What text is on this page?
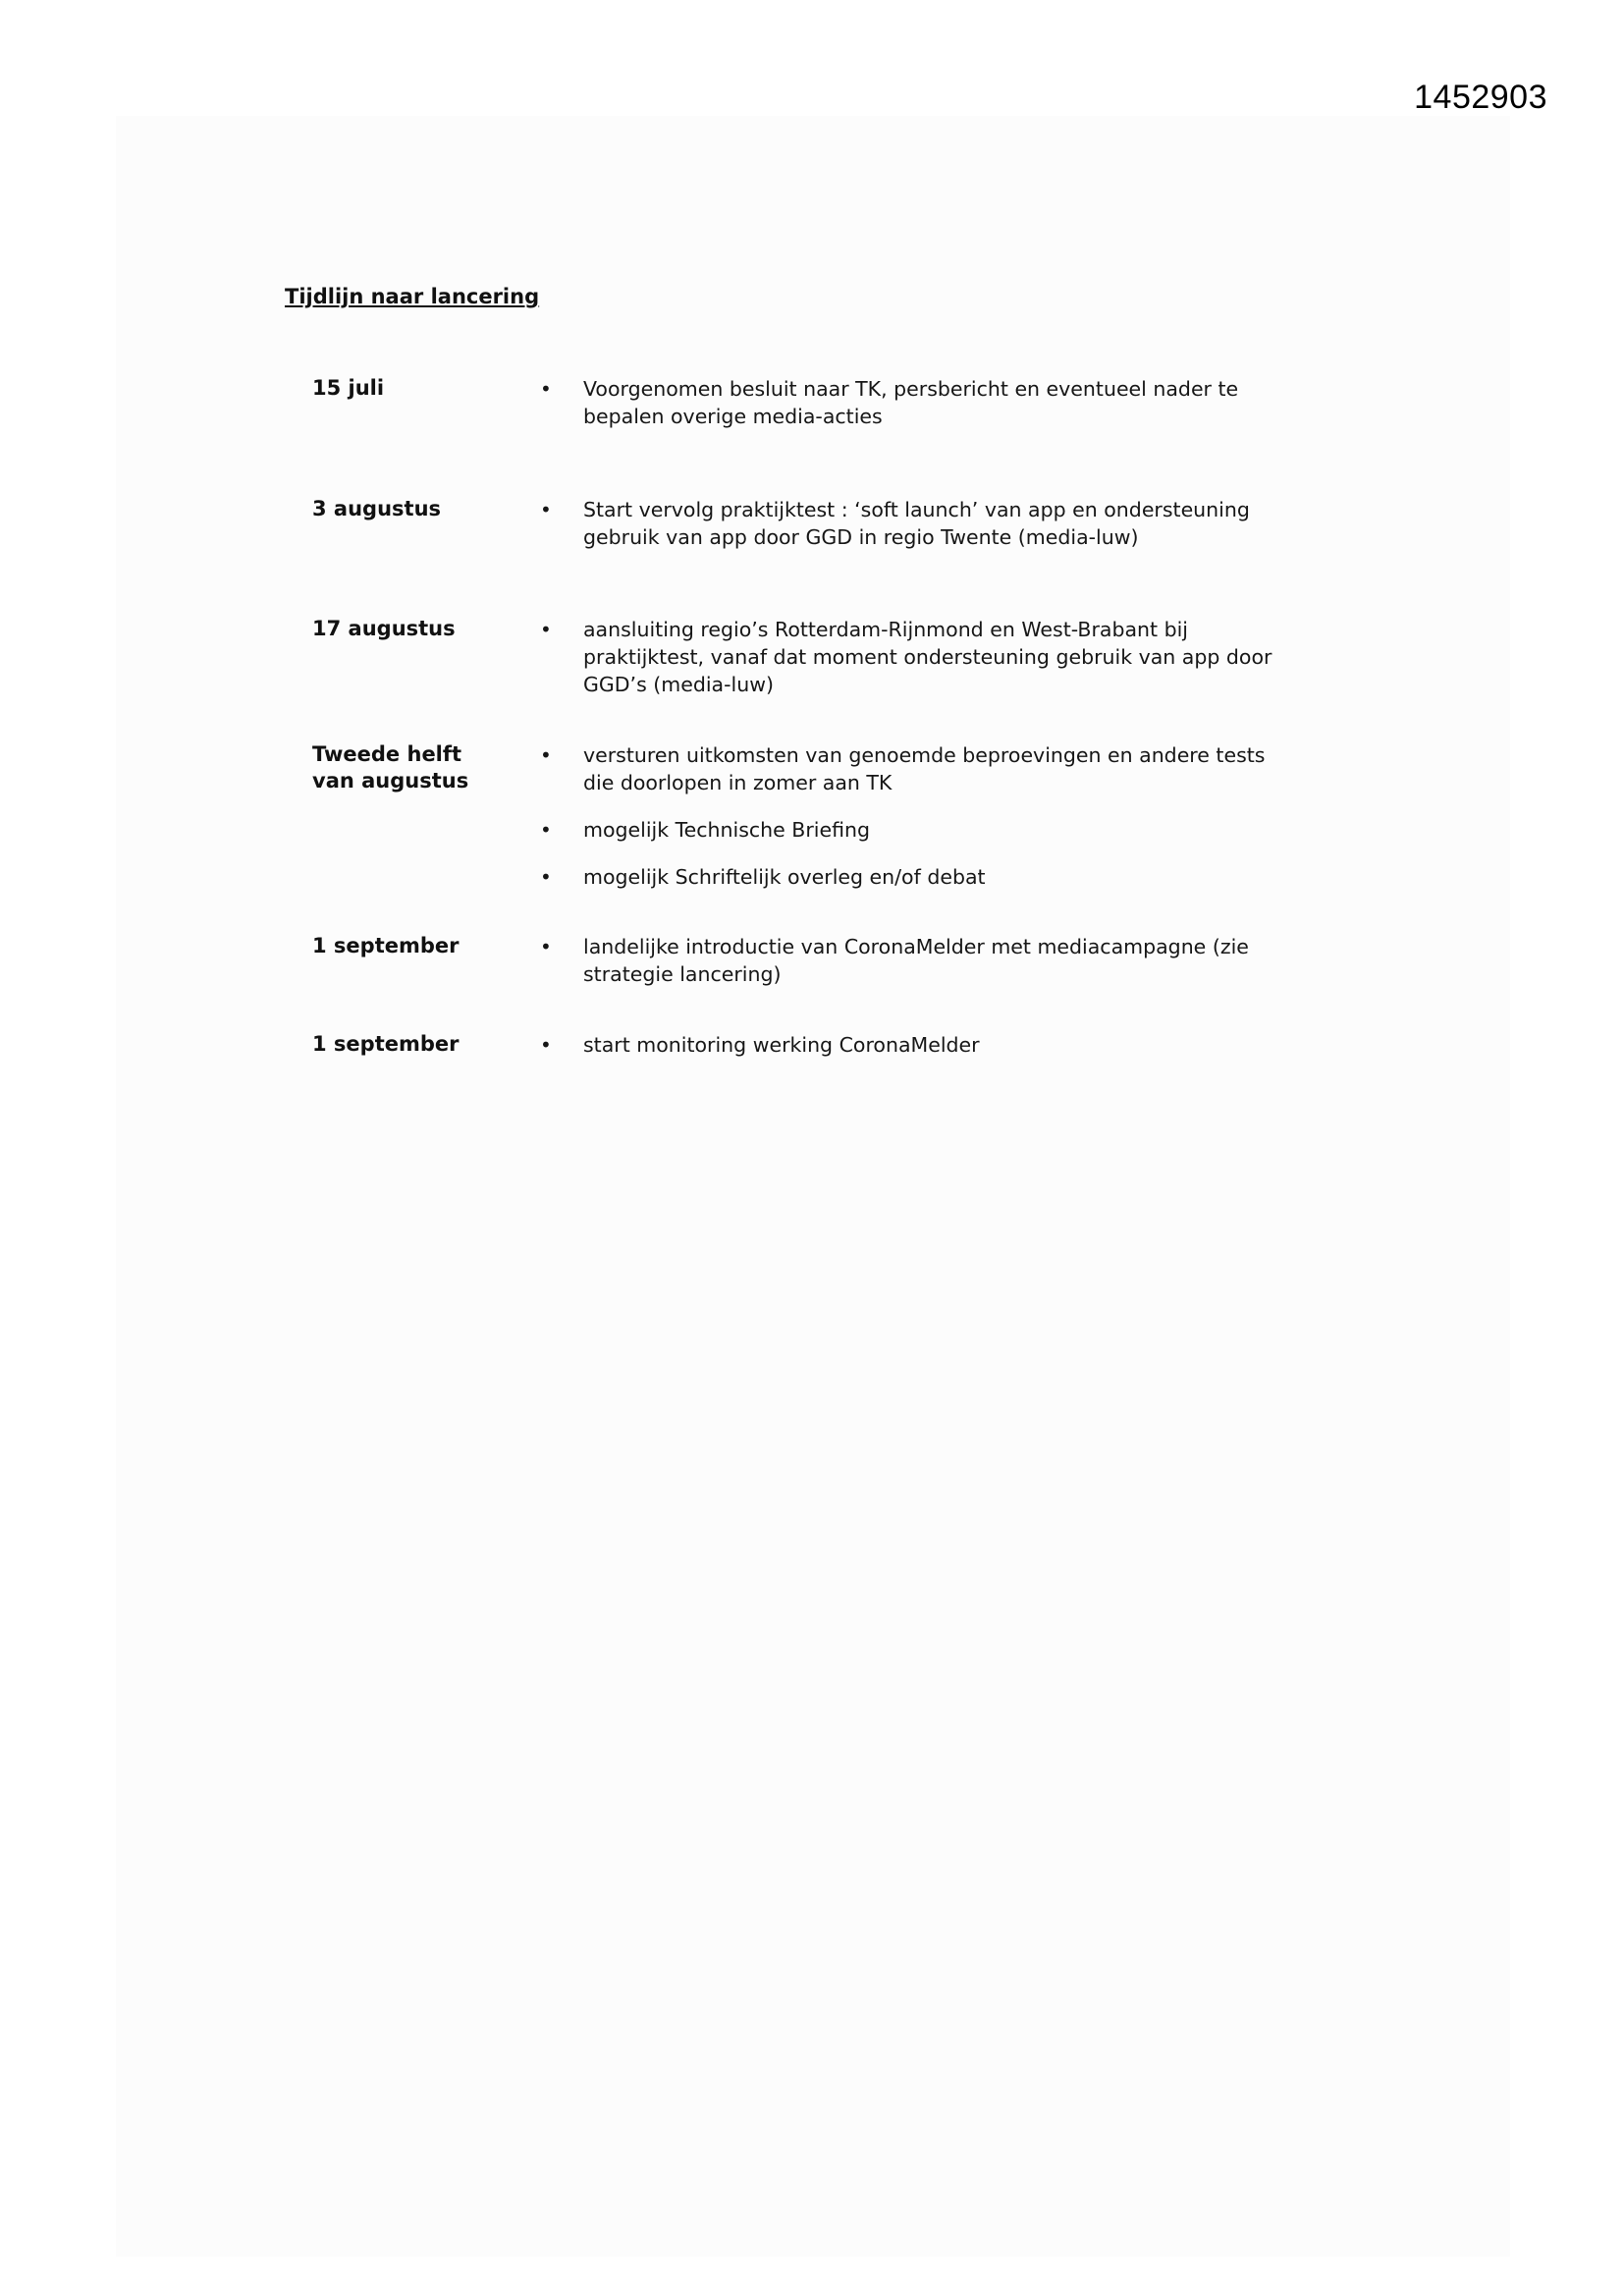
1452903
Tijdlijn naar lancering
15 juli	•	Voorgenomen besluit naar TK, persbericht en eventueel nader te
bepalen overige media-acties
3 augustus	•	Start vervolg praktijktest : ‘soft launch’ van app en ondersteuning
gebruik van app door GGD in regio Twente (media-luw)
17 augustus	•	aansluiting regio’s Rotterdam-Rijnmond en West-Brabant bij
praktijktest, vanaf dat moment ondersteuning gebruik van app door
GGD’s (media-luw)
Tweede helft
van augustus
•	versturen uitkomsten van genoemde beproevingen en andere tests
die doorlopen in zomer aan TK
•	mogelijk Technische Briefing
•	mogelijk Schriftelijk overleg en/of debat
1 september	•	landelijke introductie van CoronaMelder met mediacampagne (zie
strategie lancering)
1 september	•	start monitoring werking CoronaMelder
